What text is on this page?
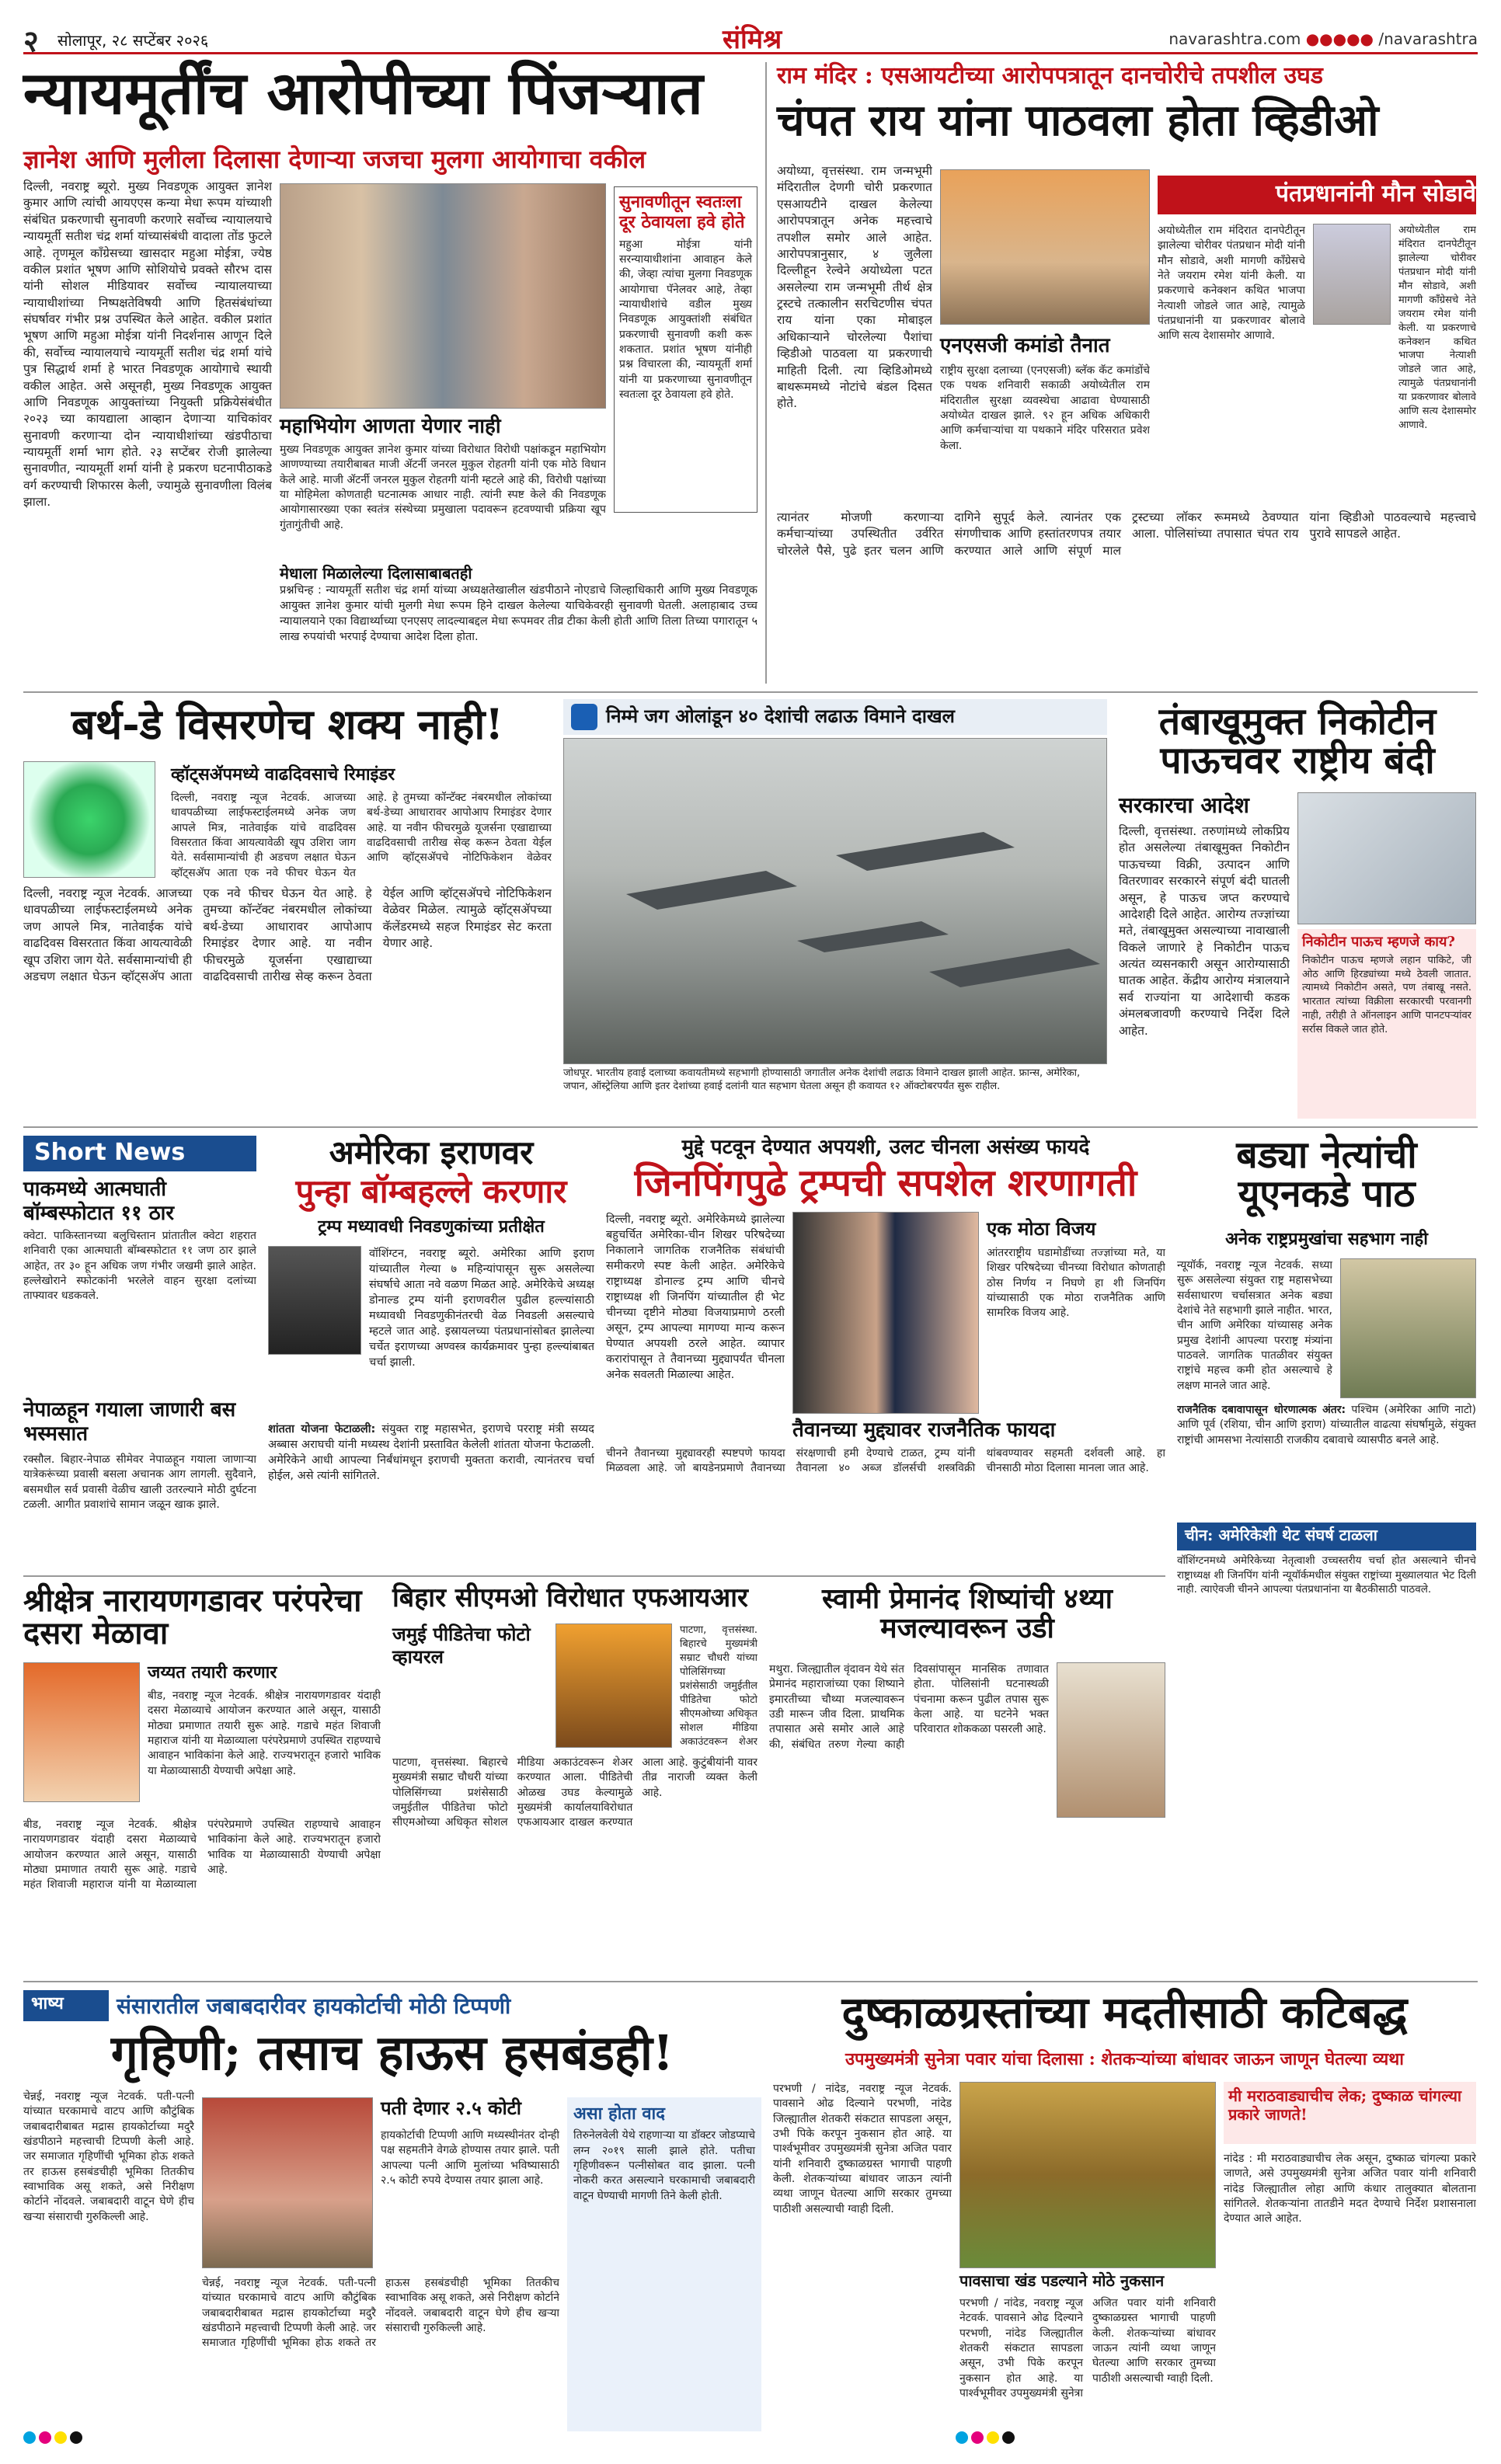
२ सोलापूर, २८ सप्टेंबर २०२६	संमिश्र	navarashtra.com ●●●●● /navarashtra
न्यायमूर्तींच आरोपीच्या पिंजऱ्यात
ज्ञानेश आणि मुलीला दिलासा देणाऱ्या जजचा मुलगा आयोगाचा वकील
दिल्ली, नवराष्ट्र ब्यूरो. मुख्य निवडणूक आयुक्त ज्ञानेश कुमार आणि त्यांची आयएएस कन्या मेधा रूपम यांच्याशी संबंधित प्रकरणाची सुनावणी करणारे सर्वोच्च न्यायालयाचे न्यायमूर्ती सतीश चंद्र शर्मा यांच्यासंबंधी वादाला तोंड फुटले आहे. तृणमूल काँग्रेसच्या खासदार महुआ मोईत्रा, ज्येष्ठ वकील प्रशांत भूषण आणि सोशियोचे प्रवक्ते सौरभ दास यांनी सोशल मीडियावर सर्वोच्च न्यायालयाच्या न्यायाधीशांच्या निष्पक्षतेविषयी आणि हितसंबंधांच्या संघर्षावर गंभीर प्रश्न उपस्थित केले आहेत. वकील प्रशांत भूषण आणि महुआ मोईत्रा यांनी निदर्शनास आणून दिले की, सर्वोच्च न्यायालयाचे न्यायमूर्ती सतीश चंद्र शर्मा यांचे पुत्र सिद्धार्थ शर्मा हे भारत निवडणूक आयोगाचे स्थायी वकील आहेत. असे असूनही, मुख्य निवडणूक आयुक्त आणि निवडणूक आयुक्तांच्या नियुक्ती प्रक्रियेसंबंधीत २०२३ च्या कायद्याला आव्हान देणाऱ्या याचिकांवर सुनावणी करणाऱ्या दोन न्यायाधीशांच्या खंडपीठाचा न्यायमूर्ती शर्मा भाग होते. २३ सप्टेंबर रोजी झालेल्या सुनावणीत, न्यायमूर्ती शर्मा यांनी हे प्रकरण घटनापीठाकडे वर्ग करण्याची शिफारस केली, ज्यामुळे सुनावणीला विलंब झाला.
सुनावणीतून स्वतःला दूर ठेवायला हवे होते
महुआ मोईत्रा यांनी सरन्यायाधीशांना आवाहन केले की, जेव्हा त्यांचा मुलगा निवडणूक आयोगाचा पॅनेलवर आहे, तेव्हा न्यायाधीशांचे वडील मुख्य निवडणूक आयुक्तांशी संबंधित प्रकरणाची सुनावणी कशी करू शकतात. प्रशांत भूषण यांनीही प्रश्न विचारला की, न्यायमूर्ती शर्मा यांनी या प्रकरणाच्या सुनावणीतून स्वतःला दूर ठेवायला हवे होते.
महाभियोग आणता येणार नाही
मुख्य निवडणूक आयुक्त ज्ञानेश कुमार यांच्या विरोधात विरोधी पक्षांकडून महाभियोग आणण्याच्या तयारीबाबत माजी ॲटर्नी जनरल मुकुल रोहतगी यांनी एक मोठे विधान केले आहे. माजी ॲटर्नी जनरल मुकुल रोहतगी यांनी म्हटले आहे की, विरोधी पक्षांच्या या मोहिमेला कोणताही घटनात्मक आधार नाही. त्यांनी स्पष्ट केले की निवडणूक आयोगासारख्या एका स्वतंत्र संस्थेच्या प्रमुखाला पदावरून हटवण्याची प्रक्रिया खूप गुंतागुंतीची आहे.
मेधाला मिळालेल्या दिलासाबाबतही
प्रश्नचिन्ह : न्यायमूर्ती सतीश चंद्र शर्मा यांच्या अध्यक्षतेखालील खंडपीठाने नोएडाचे जिल्हाधिकारी आणि मुख्य निवडणूक आयुक्त ज्ञानेश कुमार यांची मुलगी मेधा रूपम हिने दाखल केलेल्या याचिकेवरही सुनावणी घेतली. अलाहाबाद उच्च न्यायालयाने एका विद्यार्थ्याच्या एनएसए लादल्याबद्दल मेधा रूपमवर तीव्र टीका केली होती आणि तिला तिच्या पगारातून ५ लाख रुपयांची भरपाई देण्याचा आदेश दिला होता.
राम मंदिर : एसआयटीच्या आरोपपत्रातून दानचोरीचे तपशील उघड
चंपत राय यांना पाठवला होता व्हिडीओ
अयोध्या, वृत्तसंस्था. राम जन्मभूमी मंदिरातील देणगी चोरी प्रकरणात एसआयटीने दाखल केलेल्या आरोपपत्रातून अनेक महत्त्वाचे तपशील समोर आले आहेत. आरोपपत्रानुसार, ४ जुलैला दिल्लीहून रेल्वेने अयोध्येला पटत असलेल्या राम जन्मभूमी तीर्थ क्षेत्र ट्रस्टचे तत्कालीन सरचिटणीस चंपत राय यांना एका मोबाइल अधिकाऱ्याने चोरलेल्या पैशांचा व्हिडीओ पाठवला या प्रकरणाची माहिती दिली. त्या व्हिडिओमध्ये बाथरूममध्ये नोटांचे बंडल दिसत होते.
एनएसजी कमांडो तैनात
राष्ट्रीय सुरक्षा दलाच्या (एनएसजी) ब्लॅक कॅट कमांडोंचे एक पथक शनिवारी सकाळी अयोध्येतील राम मंदिरातील सुरक्षा व्यवस्थेचा आढावा घेण्यासाठी अयोध्येत दाखल झाले. ९२ हून अधिक अधिकारी आणि कर्मचाऱ्यांचा या पथकाने मंदिर परिसरात प्रवेश केला.
पंतप्रधानांनी मौन सोडावे
अयोध्येतील राम मंदिरात दानपेटीतून झालेल्या चोरीवर पंतप्रधान मोदी यांनी मौन सोडावे, अशी मागणी काँग्रेसचे नेते जयराम रमेश यांनी केली. या प्रकरणाचे कनेक्शन कथित भाजपा नेत्याशी जोडले जात आहे, त्यामुळे पंतप्रधानांनी या प्रकरणावर बोलावे आणि सत्य देशासमोर आणावे.
अयोध्येतील राम मंदिरात दानपेटीतून झालेल्या चोरीवर पंतप्रधान मोदी यांनी मौन सोडावे, अशी मागणी काँग्रेसचे नेते जयराम रमेश यांनी केली. या प्रकरणाचे कनेक्शन कथित भाजपा नेत्याशी जोडले जात आहे, त्यामुळे पंतप्रधानांनी या प्रकरणावर बोलावे आणि सत्य देशासमोर आणावे.
त्यानंतर मोजणी करणाऱ्या कर्मचाऱ्यांच्या उपस्थितीत उर्वरित चोरलेले पैसे, पुढे इतर चलन आणि दागिने सुपूर्द केले. त्यानंतर एक संगणीचाक आणि हस्तांतरणपत्र तयार करण्यात आले आणि संपूर्ण माल ट्रस्टच्या लॉकर रूममध्ये ठेवण्यात आला. पोलिसांच्या तपासात चंपत राय यांना व्हिडीओ पाठवल्याचे महत्त्वाचे पुरावे सापडले आहेत.
बर्थ-डे विसरणेच शक्य नाही!
व्हॉट्सॲपमध्ये वाढदिवसाचे रिमाइंडर
दिल्ली, नवराष्ट्र न्यूज नेटवर्क. आजच्या धावपळीच्या लाईफस्टाईलमध्ये अनेक जण आपले मित्र, नातेवाईक यांचे वाढदिवस विसरतात किंवा आयत्यावेळी खूप उशिरा जाग येते. सर्वसामान्यांची ही अडचण लक्षात घेऊन व्हॉट्सॲप आता एक नवे फीचर घेऊन येत आहे. हे तुमच्या कॉन्टॅक्ट नंबरमधील लोकांच्या बर्थ-डेच्या आधारावर आपोआप रिमाइंडर देणार आहे. या नवीन फीचरमुळे यूजर्सना एखाद्याच्या वाढदिवसाची तारीख सेव्ह करून ठेवता येईल आणि व्हॉट्सॲपचे नोटिफिकेशन वेळेवर मिळेल. त्यामुळे व्हॉट्सॲपच्या कॅलेंडरमध्ये सहज रिमाइंडर सेट करता येणार आहे.
दिल्ली, नवराष्ट्र न्यूज नेटवर्क. आजच्या धावपळीच्या लाईफस्टाईलमध्ये अनेक जण आपले मित्र, नातेवाईक यांचे वाढदिवस विसरतात किंवा आयत्यावेळी खूप उशिरा जाग येते. सर्वसामान्यांची ही अडचण लक्षात घेऊन व्हॉट्सॲप आता एक नवे फीचर घेऊन येत आहे. हे तुमच्या कॉन्टॅक्ट नंबरमधील लोकांच्या बर्थ-डेच्या आधारावर आपोआप रिमाइंडर देणार आहे. या नवीन फीचरमुळे यूजर्सना एखाद्याच्या वाढदिवसाची तारीख सेव्ह करून ठेवता येईल आणि व्हॉट्सॲपचे नोटिफिकेशन वेळेवर
निम्मे जग ओलांडून ४० देशांची लढाऊ विमाने दाखल
जोधपूर. भारतीय हवाई दलाच्या कवायतीमध्ये सहभागी होण्यासाठी जगातील अनेक देशांची लढाऊ विमाने दाखल झाली आहेत. फ्रान्स, अमेरिका, जपान, ऑस्ट्रेलिया आणि इतर देशांच्या हवाई दलांनी यात सहभाग घेतला असून ही कवायत १२ ऑक्टोबरपर्यंत सुरू राहील.
तंबाखूमुक्त निकोटीन पाऊचवर राष्ट्रीय बंदी
सरकारचा आदेश
दिल्ली, वृत्तसंस्था. तरुणांमध्ये लोकप्रिय होत असलेल्या तंबाखूमुक्त निकोटीन पाऊचच्या विक्री, उत्पादन आणि वितरणावर सरकारने संपूर्ण बंदी घातली असून, हे पाऊच जप्त करण्याचे आदेशही दिले आहेत. आरोग्य तज्ज्ञांच्या मते, तंबाखूमुक्त असल्याच्या नावाखाली विकले जाणारे हे निकोटीन पाऊच अत्यंत व्यसनकारी असून आरोग्यासाठी घातक आहेत. केंद्रीय आरोग्य मंत्रालयाने सर्व राज्यांना या आदेशाची कडक अंमलबजावणी करण्याचे निर्देश दिले आहेत.
निकोटीन पाऊच म्हणजे काय?
निकोटीन पाऊच म्हणजे लहान पाकिटे, जी ओठ आणि हिरड्यांच्या मध्ये ठेवली जातात. त्यामध्ये निकोटीन असते, पण तंबाखू नसते. भारतात त्यांच्या विक्रीला सरकारची परवानगी नाही, तरीही ते ऑनलाइन आणि पानटपऱ्यांवर सर्रास विकले जात होते.
Short News
पाकमध्ये आत्मघाती बॉम्बस्फोटात ११ ठार
क्वेटा. पाकिस्तानच्या बलुचिस्तान प्रांतातील क्वेटा शहरात शनिवारी एका आत्मघाती बॉम्बस्फोटात ११ जण ठार झाले आहेत, तर ३० हून अधिक जण गंभीर जखमी झाले आहेत. हल्लेखोराने स्फोटकांनी भरलेले वाहन सुरक्षा दलांच्या ताफ्यावर धडकवले.
नेपाळहून गयाला जाणारी बस भस्मसात
रक्सौल. बिहार-नेपाळ सीमेवर नेपाळहून गयाला जाणाऱ्या यात्रेकरूंच्या प्रवासी बसला अचानक आग लागली. सुदैवाने, बसमधील सर्व प्रवासी वेळीच खाली उतरल्याने मोठी दुर्घटना टळली. आगीत प्रवाशांचे सामान जळून खाक झाले.
अमेरिका इराणवर
पुन्हा बॉम्बहल्ले करणार
ट्रम्प मध्यावधी निवडणुकांच्या प्रतीक्षेत
वॉशिंग्टन, नवराष्ट्र ब्यूरो. अमेरिका आणि इराण यांच्यातील गेल्या ७ महिन्यांपासून सुरू असलेल्या संघर्षाचे आता नवे वळण मिळत आहे. अमेरिकेचे अध्यक्ष डोनाल्ड ट्रम्प यांनी इराणवरील पुढील हल्ल्यांसाठी मध्यावधी निवडणुकीनंतरची वेळ निवडली असल्याचे म्हटले जात आहे. इस्रायलच्या पंतप्रधानांसोबत झालेल्या चर्चेत इराणच्या अण्वस्त्र कार्यक्रमावर पुन्हा हल्ल्यांबाबत चर्चा झाली.
शांतता योजना फेटाळली: संयुक्त राष्ट्र महासभेत, इराणचे परराष्ट्र मंत्री सय्यद अब्बास अराघची यांनी मध्यस्थ देशांनी प्रस्तावित केलेली शांतता योजना फेटाळली. अमेरिकेने आधी आपल्या निर्बंधांमधून इराणची मुक्तता करावी, त्यानंतरच चर्चा होईल, असे त्यांनी सांगितले.
मुद्दे पटवून देण्यात अपयशी, उलट चीनला असंख्य फायदे
जिनपिंगपुढे ट्रम्पची सपशेल शरणागती
दिल्ली, नवराष्ट्र ब्यूरो. अमेरिकेमध्ये झालेल्या बहुचर्चित अमेरिका-चीन शिखर परिषदेच्या निकालाने जागतिक राजनैतिक संबंधांची समीकरणे स्पष्ट केली आहेत. अमेरिकेचे राष्ट्राध्यक्ष डोनाल्ड ट्रम्प आणि चीनचे राष्ट्राध्यक्ष शी जिनपिंग यांच्यातील ही भेट चीनच्या दृष्टीने मोठ्या विजयाप्रमाणे ठरली असून, ट्रम्प आपल्या मागण्या मान्य करून घेण्यात अपयशी ठरले आहेत. व्यापार करारांपासून ते तैवानच्या मुद्द्यापर्यंत चीनला अनेक सवलती मिळाल्या आहेत.
एक मोठा विजय
आंतरराष्ट्रीय घडामोडींच्या तज्ज्ञांच्या मते, या शिखर परिषदेच्या चीनच्या विरोधात कोणताही ठोस निर्णय न निघणे हा शी जिनपिंग यांच्यासाठी एक मोठा राजनैतिक आणि सामरिक विजय आहे.
तैवानच्या मुद्द्यावर राजनैतिक फायदा
चीनने तैवानच्या मुद्द्यावरही स्पष्टपणे फायदा मिळवला आहे. जो बायडेनप्रमाणे तैवानच्या संरक्षणाची हमी देण्याचे टाळत, ट्रम्प यांनी तैवानला ४० अब्ज डॉलर्सची शस्त्रविक्री थांबवण्यावर सहमती दर्शवली आहे. हा चीनसाठी मोठा दिलासा मानला जात आहे.
बड्या नेत्यांची यूएनकडे पाठ
अनेक राष्ट्रप्रमुखांचा सहभाग नाही
न्यूयॉर्क, नवराष्ट्र न्यूज नेटवर्क. सध्या सुरू असलेल्या संयुक्त राष्ट्र महासभेच्या सर्वसाधारण चर्चासत्रात अनेक बड्या देशांचे नेते सहभागी झाले नाहीत. भारत, चीन आणि अमेरिका यांच्यासह अनेक प्रमुख देशांनी आपल्या परराष्ट्र मंत्र्यांना पाठवले. जागतिक पातळीवर संयुक्त राष्ट्रांचे महत्त्व कमी होत असल्याचे हे लक्षण मानले जात आहे.
राजनैतिक दबावापासून धोरणात्मक अंतर: पश्चिम (अमेरिका आणि नाटो) आणि पूर्व (रशिया, चीन आणि इराण) यांच्यातील वाढत्या संघर्षामुळे, संयुक्त राष्ट्रांची आमसभा नेत्यांसाठी राजकीय दबावाचे व्यासपीठ बनले आहे.
चीन: अमेरिकेशी थेट संघर्ष टाळला
वॉशिंग्टनमध्ये अमेरिकेच्या नेतृत्वाशी उच्चस्तरीय चर्चा होत असल्याने चीनचे राष्ट्राध्यक्ष शी जिनपिंग यांनी न्यूयॉर्कमधील संयुक्त राष्ट्रांच्या मुख्यालयात भेट दिली नाही. त्याऐवजी चीनने आपल्या पंतप्रधानांना या बैठकीसाठी पाठवले.
श्रीक्षेत्र नारायणगडावर परंपरेचा दसरा मेळावा
जय्यत तयारी करणार
बीड, नवराष्ट्र न्यूज नेटवर्क. श्रीक्षेत्र नारायणगडावर यंदाही दसरा मेळाव्याचे आयोजन करण्यात आले असून, यासाठी मोठ्या प्रमाणात तयारी सुरू आहे. गडाचे महंत शिवाजी महाराज यांनी या मेळाव्याला परंपरेप्रमाणे उपस्थित राहण्याचे आवाहन भाविकांना केले आहे. राज्यभरातून हजारो भाविक या मेळाव्यासाठी येण्याची अपेक्षा आहे.
बीड, नवराष्ट्र न्यूज नेटवर्क. श्रीक्षेत्र नारायणगडावर यंदाही दसरा मेळाव्याचे आयोजन करण्यात आले असून, यासाठी मोठ्या प्रमाणात तयारी सुरू आहे. गडाचे महंत शिवाजी महाराज यांनी या मेळाव्याला परंपरेप्रमाणे उपस्थित राहण्याचे आवाहन भाविकांना केले आहे. राज्यभरातून हजारो भाविक या मेळाव्यासाठी येण्याची अपेक्षा आहे.
बिहार सीएमओ विरोधात एफआयआर
जमुई पीडितेचा फोटो व्हायरल
पाटणा, वृत्तसंस्था. बिहारचे मुख्यमंत्री सम्राट चौधरी यांच्या पोलिसिंगच्या प्रशंसेसाठी जमुईतील पीडितेचा फोटो सीएमओच्या अधिकृत सोशल मीडिया अकाउंटवरून शेअर
पाटणा, वृत्तसंस्था. बिहारचे मुख्यमंत्री सम्राट चौधरी यांच्या पोलिसिंगच्या प्रशंसेसाठी जमुईतील पीडितेचा फोटो सीएमओच्या अधिकृत सोशल मीडिया अकाउंटवरून शेअर करण्यात आला. पीडितेची ओळख उघड केल्यामुळे मुख्यमंत्री कार्यालयाविरोधात एफआयआर दाखल करण्यात आला आहे. कुटुंबीयांनी यावर तीव्र नाराजी व्यक्त केली आहे.
स्वामी प्रेमानंद शिष्यांची ४थ्या मजल्यावरून उडी
मथुरा. जिल्ह्यातील वृंदावन येथे संत प्रेमानंद महाराजांच्या एका शिष्याने इमारतीच्या चौथ्या मजल्यावरून उडी मारून जीव दिला. प्राथमिक तपासात असे समोर आले आहे की, संबंधित तरुण गेल्या काही दिवसांपासून मानसिक तणावात होता. पोलिसांनी घटनास्थळी पंचनामा करून पुढील तपास सुरू केला आहे. या घटनेने भक्त परिवारात शोककळा पसरली आहे.
भाष्य	संसारातील जबाबदारीवर हायकोर्टाची मोठी टिप्पणी
गृहिणी; तसाच हाऊस हसबंडही!
चेन्नई, नवराष्ट्र न्यूज नेटवर्क. पती-पत्नी यांच्यात घरकामाचे वाटप आणि कौटुंबिक जबाबदारीबाबत मद्रास हायकोर्टाच्या मदुरै खंडपीठाने महत्त्वाची टिप्पणी केली आहे. जर समाजात गृहिणींची भूमिका होऊ शकते तर हाऊस हसबंडचीही भूमिका तितकीच स्वाभाविक असू शकते, असे निरीक्षण कोर्टाने नोंदवले. जबाबदारी वाटून घेणे हीच खऱ्या संसाराची गुरुकिल्ली आहे.
पती देणार २.५ कोटी
हायकोर्टाची टिप्पणी आणि मध्यस्थीनंतर दोन्ही पक्ष सहमतीने वेगळे होण्यास तयार झाले. पती आपल्या पत्नी आणि मुलांच्या भविष्यासाठी २.५ कोटी रुपये देण्यास तयार झाला आहे.
चेन्नई, नवराष्ट्र न्यूज नेटवर्क. पती-पत्नी यांच्यात घरकामाचे वाटप आणि कौटुंबिक जबाबदारीबाबत मद्रास हायकोर्टाच्या मदुरै खंडपीठाने महत्त्वाची टिप्पणी केली आहे. जर समाजात गृहिणींची भूमिका होऊ शकते तर हाऊस हसबंडचीही भूमिका तितकीच स्वाभाविक असू शकते, असे निरीक्षण कोर्टाने नोंदवले. जबाबदारी वाटून घेणे हीच खऱ्या संसाराची गुरुकिल्ली आहे.
असा होता वाद
तिरुनेलवेली येथे राहणाऱ्या या डॉक्टर जोडप्याचे लग्न २०१९ साली झाले होते. पतीचा गृहिणीवरून पत्नीसोबत वाद झाला. पत्नी नोकरी करत असल्याने घरकामाची जबाबदारी वाटून घेण्याची मागणी तिने केली होती.
दुष्काळग्रस्तांच्या मदतीसाठी कटिबद्ध
उपमुख्यमंत्री सुनेत्रा पवार यांचा दिलासा : शेतकऱ्यांच्या बांधावर जाऊन जाणून घेतल्या व्यथा
परभणी / नांदेड, नवराष्ट्र न्यूज नेटवर्क. पावसाने ओढ दिल्याने परभणी, नांदेड जिल्ह्यातील शेतकरी संकटात सापडला असून, उभी पिके करपून नुकसान होत आहे. या पार्श्वभूमीवर उपमुख्यमंत्री सुनेत्रा अजित पवार यांनी शनिवारी दुष्काळग्रस्त भागाची पाहणी केली. शेतकऱ्यांच्या बांधावर जाऊन त्यांनी व्यथा जाणून घेतल्या आणि सरकार तुमच्या पाठीशी असल्याची ग्वाही दिली.
पावसाचा खंड पडल्याने मोठे नुकसान
परभणी / नांदेड, नवराष्ट्र न्यूज नेटवर्क. पावसाने ओढ दिल्याने परभणी, नांदेड जिल्ह्यातील शेतकरी संकटात सापडला असून, उभी पिके करपून नुकसान होत आहे. या पार्श्वभूमीवर उपमुख्यमंत्री सुनेत्रा अजित पवार यांनी शनिवारी दुष्काळग्रस्त भागाची पाहणी केली. शेतकऱ्यांच्या बांधावर जाऊन त्यांनी व्यथा जाणून घेतल्या आणि सरकार तुमच्या पाठीशी असल्याची ग्वाही दिली.
मी मराठवाड्याचीच लेक; दुष्काळ चांगल्या प्रकारे जाणते!
नांदेड : मी मराठवाड्याचीच लेक असून, दुष्काळ चांगल्या प्रकारे जाणते, असे उपमुख्यमंत्री सुनेत्रा अजित पवार यांनी शनिवारी नांदेड जिल्ह्यातील लोहा आणि कंधार तालुक्यात बोलताना सांगितले. शेतकऱ्यांना तातडीने मदत देण्याचे निर्देश प्रशासनाला देण्यात आले आहेत.
